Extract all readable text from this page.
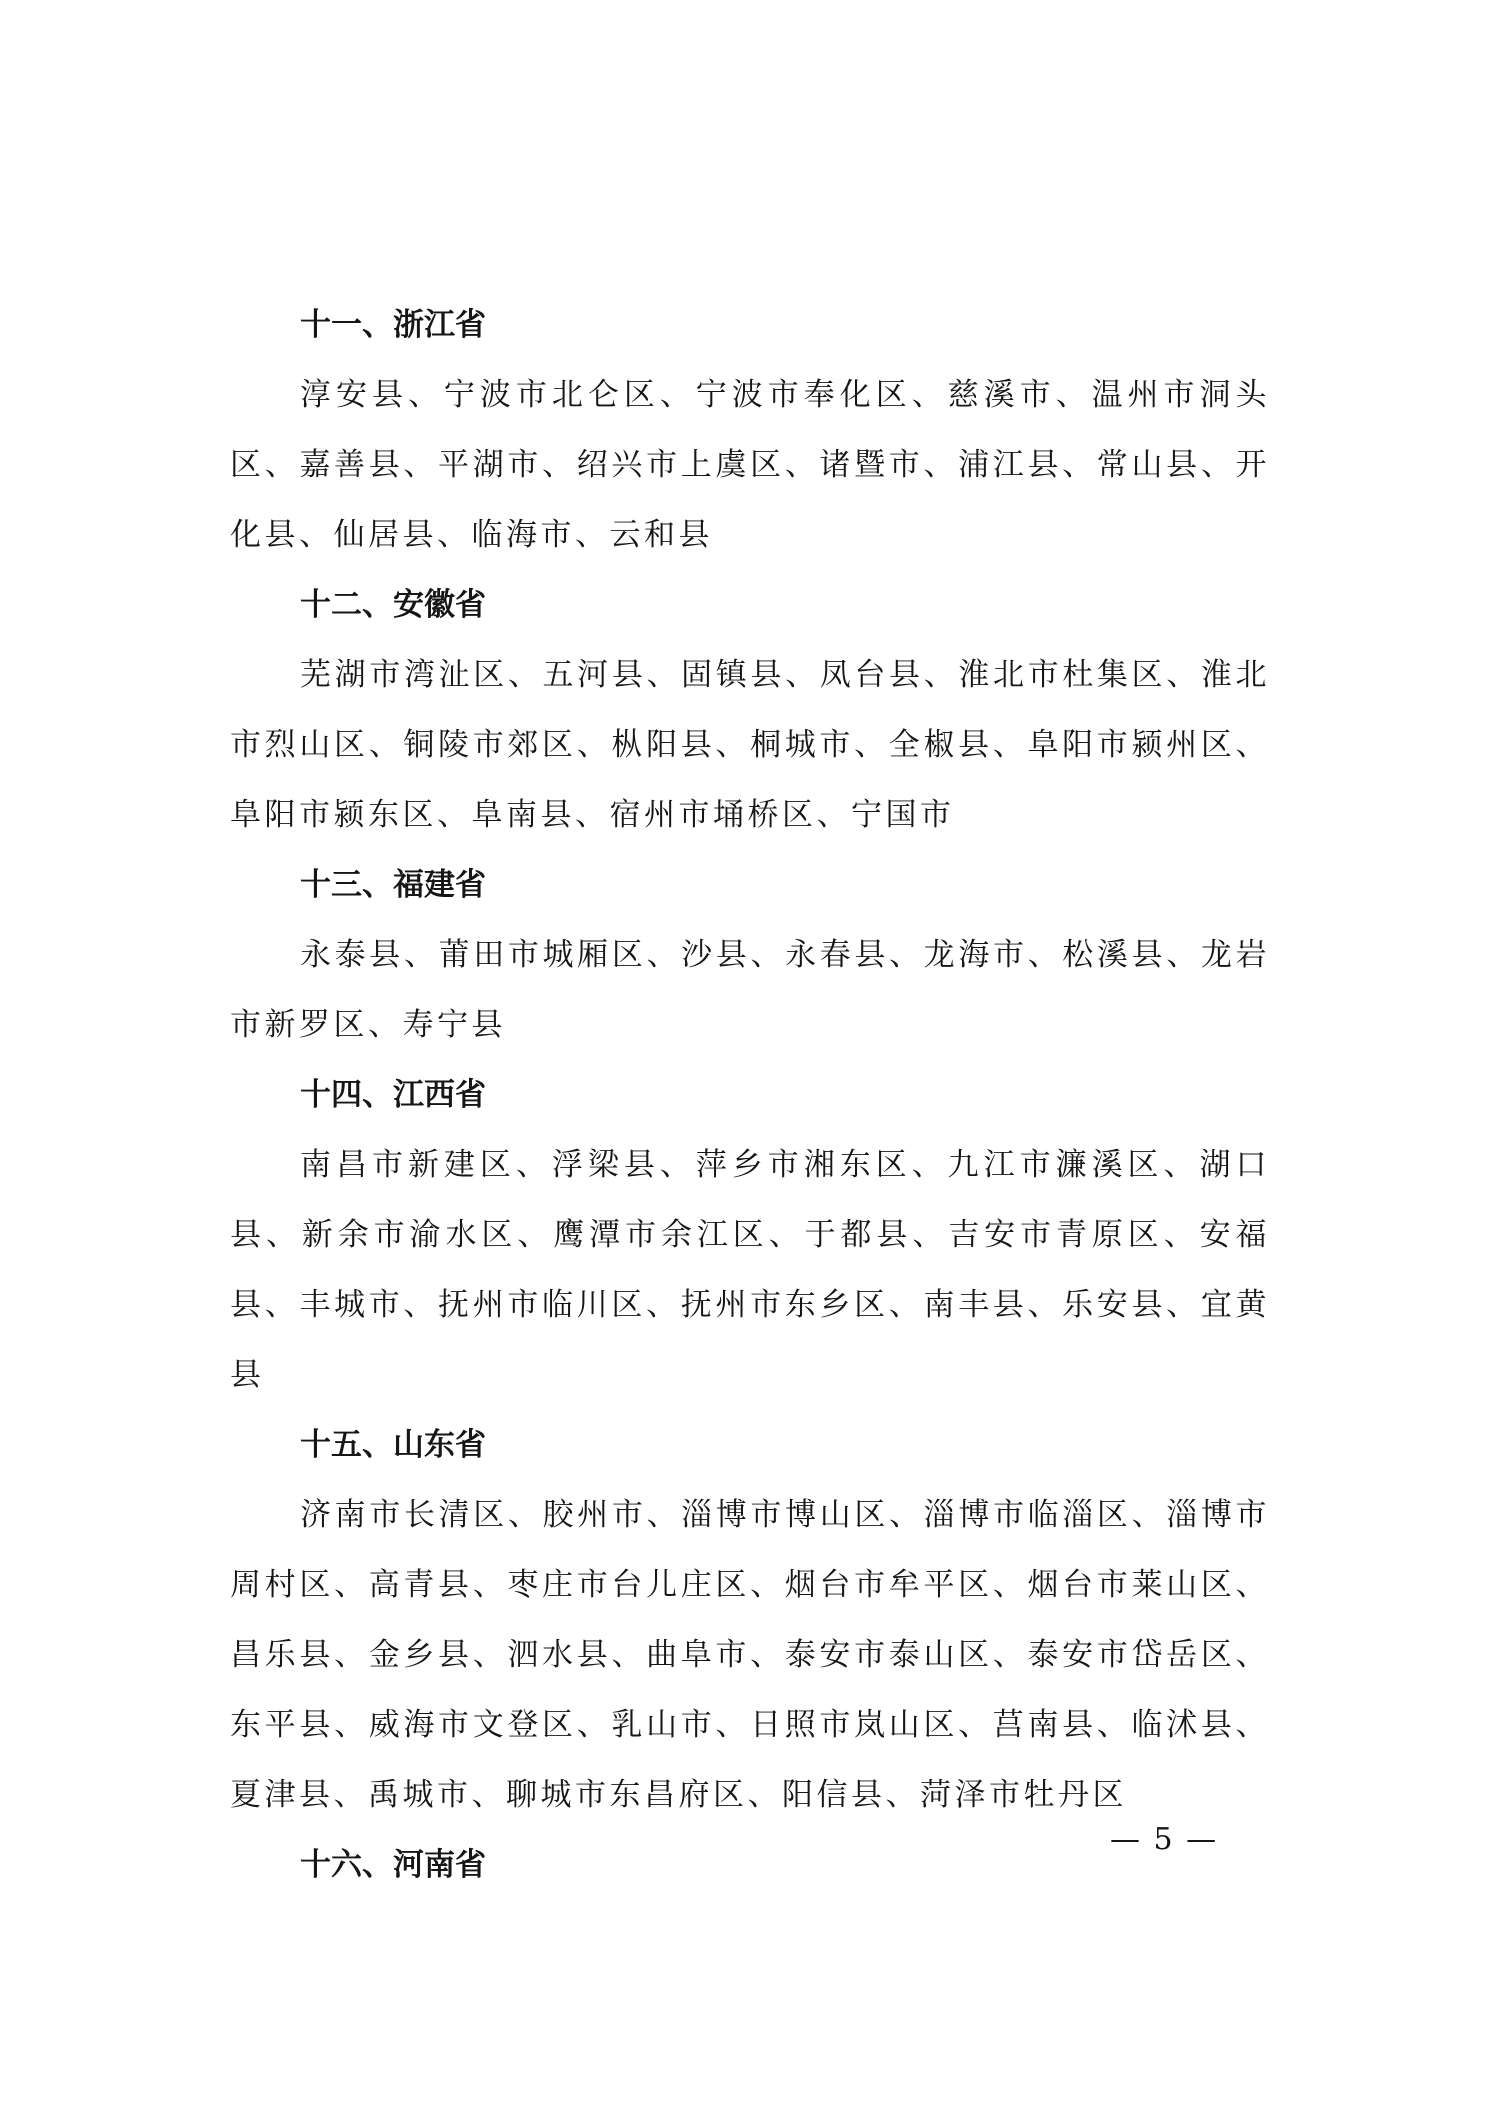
十一、浙江省

淳安县、宁波市北仑区、宁波市奉化区、慈溪市、温州市洞头区、嘉善县、平湖市、绍兴市上虞区、诸暨市、浦江县、常山县、开化县、仙居县、临海市、云和县

十二、安徽省

芜湖市湾沚区、五河县、固镇县、凤台县、淮北市杜集区、淮北市烈山区、铜陵市郊区、枞阳县、桐城市、全椒县、阜阳市颍州区、阜阳市颍东区、阜南县、宿州市埇桥区、宁国市

十三、福建省

永泰县、莆田市城厢区、沙县、永春县、龙海市、松溪县、龙岩市新罗区、寿宁县

十四、江西省

南昌市新建区、浮梁县、萍乡市湘东区、九江市濂溪区、湖口县、新余市渝水区、鹰潭市余江区、于都县、吉安市青原区、安福县、丰城市、抚州市临川区、抚州市东乡区、南丰县、乐安县、宜黄县

十五、山东省

济南市长清区、胶州市、淄博市博山区、淄博市临淄区、淄博市周村区、高青县、枣庄市台儿庄区、烟台市牟平区、烟台市莱山区、昌乐县、金乡县、泗水县、曲阜市、泰安市泰山区、泰安市岱岳区、东平县、威海市文登区、乳山市、日照市岚山区、莒南县、临沭县、夏津县、禹城市、聊城市东昌府区、阳信县、菏泽市牡丹区

十六、河南省
— 5 —
